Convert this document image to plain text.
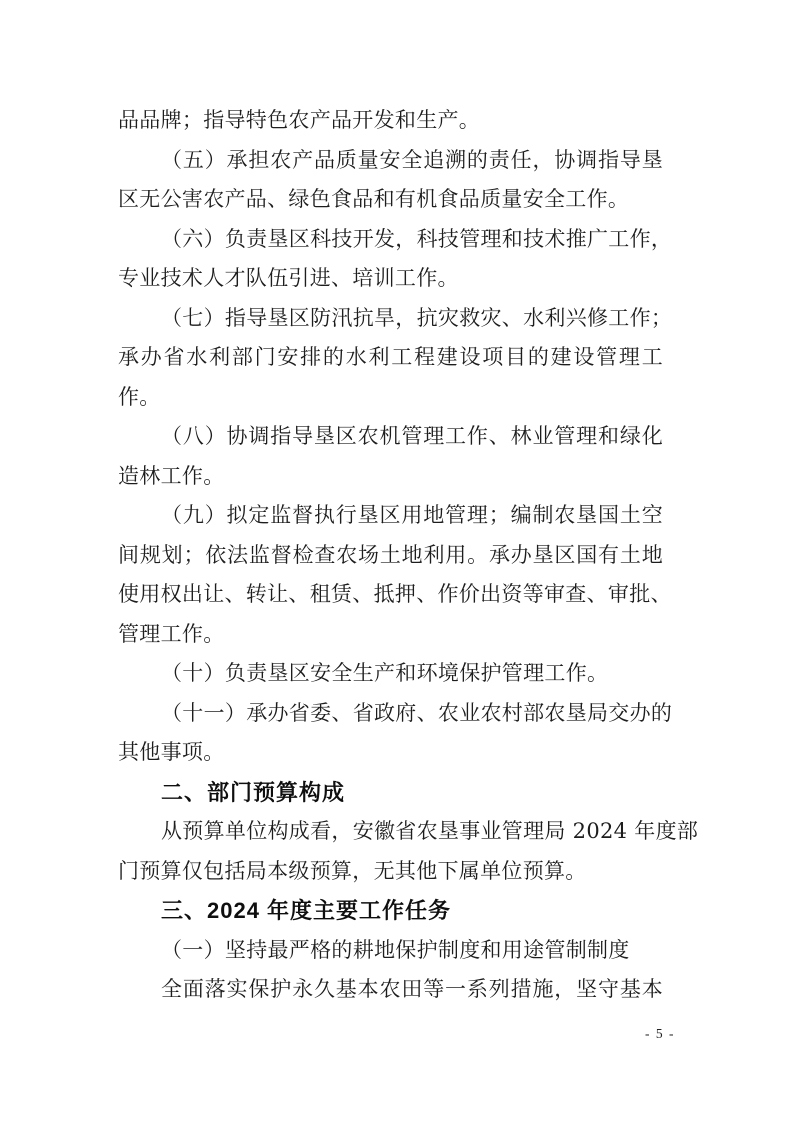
品品牌；指导特色农产品开发和生产。
（五）承担农产品质量安全追溯的责任，协调指导垦
区无公害农产品、绿色食品和有机食品质量安全工作。
（六）负责垦区科技开发，科技管理和技术推广工作，
专业技术人才队伍引进、培训工作。
（七）指导垦区防汛抗旱，抗灾救灾、水利兴修工作；
承办省水利部门安排的水利工程建设项目的建设管理工
作。
（八）协调指导垦区农机管理工作、林业管理和绿化
造林工作。
（九）拟定监督执行垦区用地管理；编制农垦国土空
间规划；依法监督检查农场土地利用。承办垦区国有土地
使用权出让、转让、租赁、抵押、作价出资等审查、审批、
管理工作。
（十）负责垦区安全生产和环境保护管理工作。
（十一）承办省委、省政府、农业农村部农垦局交办的
其他事项。
二、部门预算构成
从预算单位构成看，安徽省农垦事业管理局 2024 年度部
门预算仅包括局本级预算，无其他下属单位预算。
三、2024 年度主要工作任务
（一）坚持最严格的耕地保护制度和用途管制制度
全面落实保护永久基本农田等一系列措施，坚守基本
- 5 -
